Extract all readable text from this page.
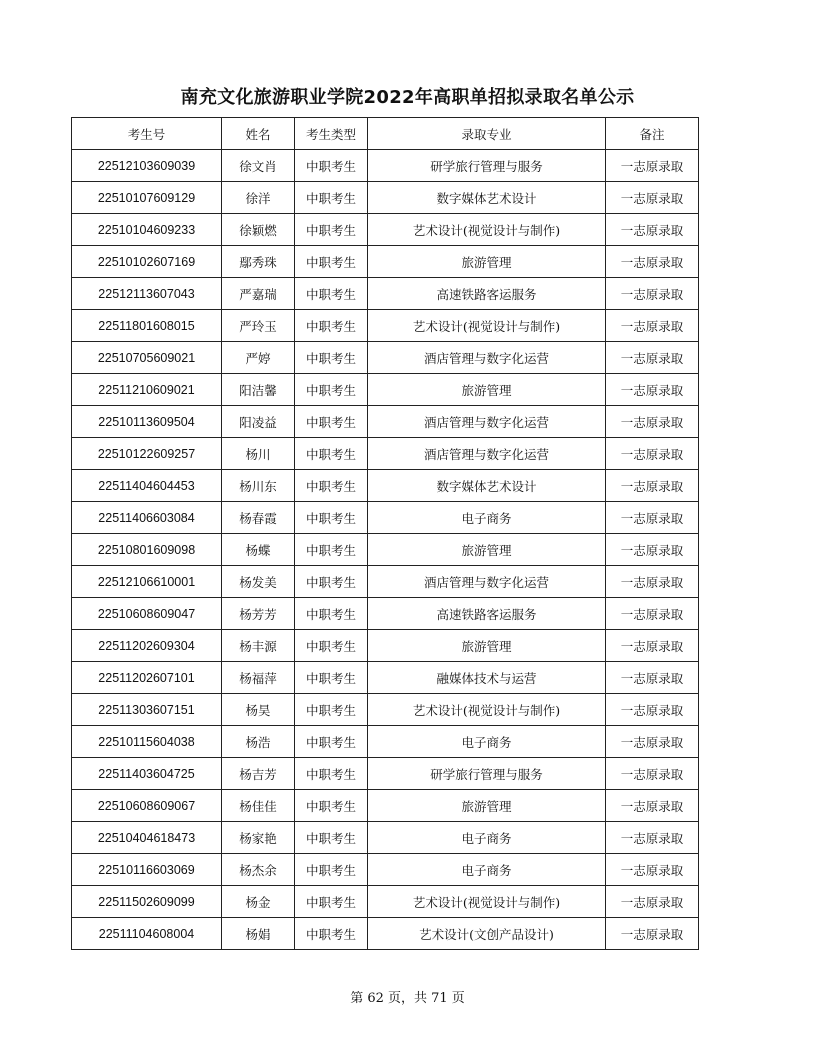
南充文化旅游职业学院2022年高职单招拟录取名单公示
考生号	姓名	考生类型	录取专业	备注
22512103609039	徐文肖	中职考生	研学旅行管理与服务	一志原录取
22510107609129	徐洋	中职考生	数字媒体艺术设计	一志原录取
22510104609233	徐颖燃	中职考生	艺术设计(视觉设计与制作)	一志原录取
22510102607169	鄢秀珠	中职考生	旅游管理	一志原录取
22512113607043	严嘉瑞	中职考生	高速铁路客运服务	一志原录取
22511801608015	严玲玉	中职考生	艺术设计(视觉设计与制作)	一志原录取
22510705609021	严婷	中职考生	酒店管理与数字化运营	一志原录取
22511210609021	阳洁馨	中职考生	旅游管理	一志原录取
22510113609504	阳凌益	中职考生	酒店管理与数字化运营	一志原录取
22510122609257	杨川	中职考生	酒店管理与数字化运营	一志原录取
22511404604453	杨川东	中职考生	数字媒体艺术设计	一志原录取
22511406603084	杨春霞	中职考生	电子商务	一志原录取
22510801609098	杨蝶	中职考生	旅游管理	一志原录取
22512106610001	杨发美	中职考生	酒店管理与数字化运营	一志原录取
22510608609047	杨芳芳	中职考生	高速铁路客运服务	一志原录取
22511202609304	杨丰源	中职考生	旅游管理	一志原录取
22511202607101	杨福萍	中职考生	融媒体技术与运营	一志原录取
22511303607151	杨昊	中职考生	艺术设计(视觉设计与制作)	一志原录取
22510115604038	杨浩	中职考生	电子商务	一志原录取
22511403604725	杨吉芳	中职考生	研学旅行管理与服务	一志原录取
22510608609067	杨佳佳	中职考生	旅游管理	一志原录取
22510404618473	杨家艳	中职考生	电子商务	一志原录取
22510116603069	杨杰余	中职考生	电子商务	一志原录取
22511502609099	杨金	中职考生	艺术设计(视觉设计与制作)	一志原录取
22511104608004	杨娟	中职考生	艺术设计(文创产品设计)	一志原录取
第 62 页，共 71 页
